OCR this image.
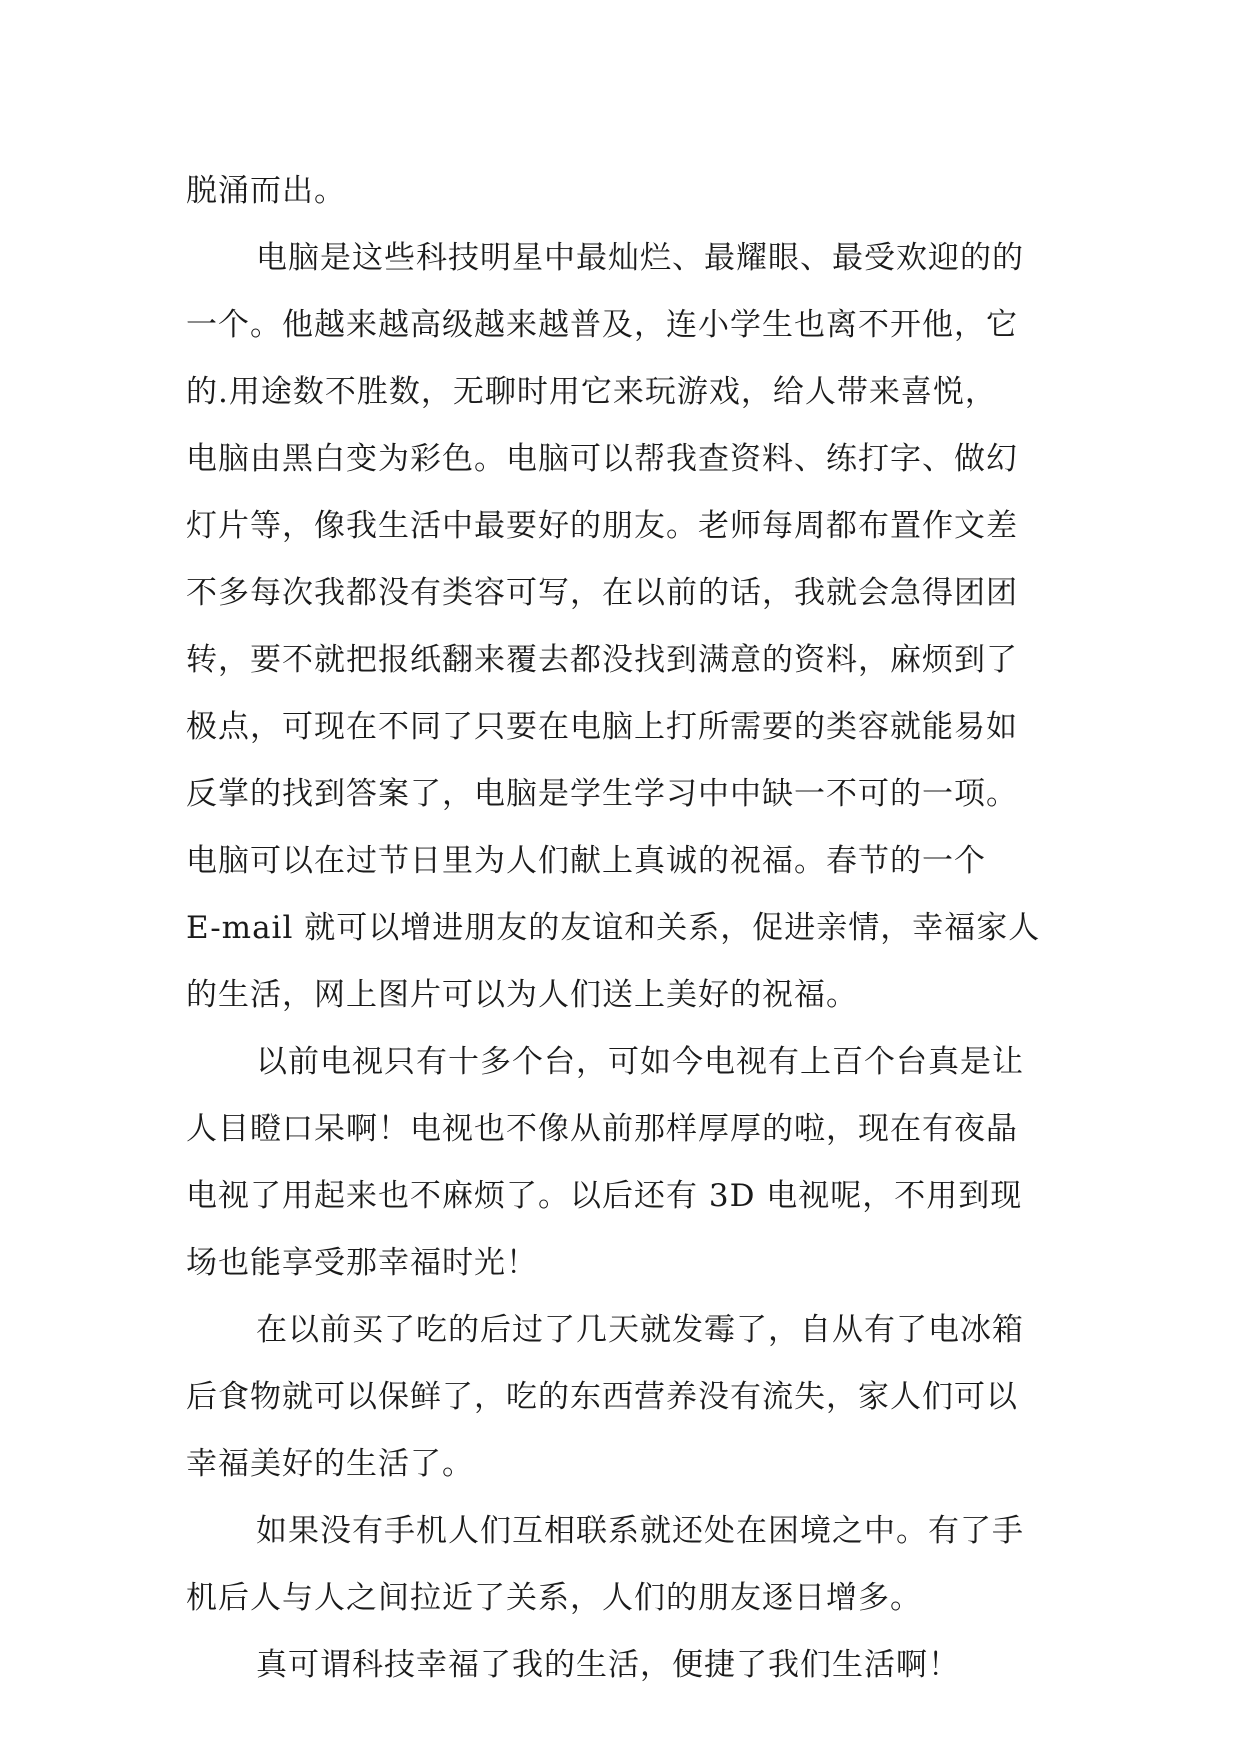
脱涌而出。
电脑是这些科技明星中最灿烂、最耀眼、最受欢迎的的
一个。他越来越高级越来越普及，连小学生也离不开他，它
的.用途数不胜数，无聊时用它来玩游戏，给人带来喜悦，
电脑由黑白变为彩色。电脑可以帮我查资料、练打字、做幻
灯片等，像我生活中最要好的朋友。老师每周都布置作文差
不多每次我都没有类容可写，在以前的话，我就会急得团团
转，要不就把报纸翻来覆去都没找到满意的资料，麻烦到了
极点，可现在不同了只要在电脑上打所需要的类容就能易如
反掌的找到答案了，电脑是学生学习中中缺一不可的一项。
电脑可以在过节日里为人们献上真诚的祝福。春节的一个
E-mail 就可以增进朋友的友谊和关系，促进亲情，幸福家人
的生活，网上图片可以为人们送上美好的祝福。
以前电视只有十多个台，可如今电视有上百个台真是让
人目瞪口呆啊！电视也不像从前那样厚厚的啦，现在有夜晶
电视了用起来也不麻烦了。以后还有 3D 电视呢，不用到现
场也能享受那幸福时光！
在以前买了吃的后过了几天就发霉了，自从有了电冰箱
后食物就可以保鲜了，吃的东西营养没有流失，家人们可以
幸福美好的生活了。
如果没有手机人们互相联系就还处在困境之中。有了手
机后人与人之间拉近了关系，人们的朋友逐日增多。
真可谓科技幸福了我的生活，便捷了我们生活啊！
